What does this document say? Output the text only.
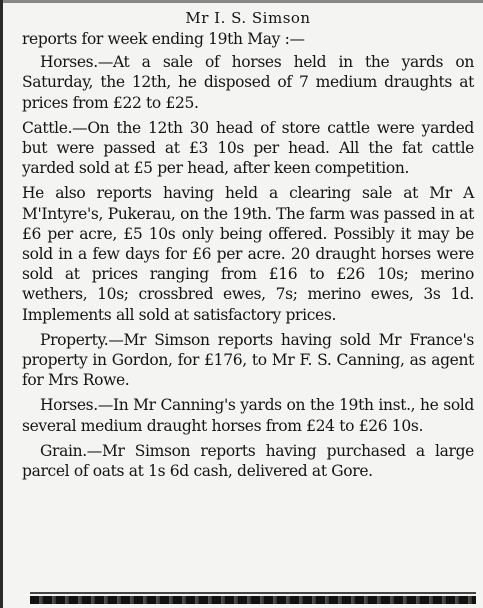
Mr I. S. Simson
reports for week ending 19th May :—
Horses.—At a sale of horses held in the yards on Saturday, the 12th, he disposed of 7 medium draughts at prices from £22 to £25.
Cattle.—On the 12th 30 head of store cattle were yarded but were passed at £3 10s per head. All the fat cattle yarded sold at £5 per head, after keen competition.
He also reports having held a clearing sale at Mr A M'Intyre's, Pukerau, on the 19th. The farm was passed in at £6 per acre, £5 10s only being offered. Possibly it may be sold in a few days for £6 per acre. 20 draught horses were sold at prices ranging from £16 to £26 10s; merino wethers, 10s; crossbred ewes, 7s; merino ewes, 3s 1d. Implements all sold at satisfactory prices.
Property.—Mr Simson reports having sold Mr France's property in Gordon, for £176, to Mr F. S. Canning, as agent for Mrs Rowe.
Horses.—In Mr Canning's yards on the 19th inst., he sold several medium draught horses from £24 to £26 10s.
Grain.—Mr Simson reports having purchased a large parcel of oats at 1s 6d cash, delivered at Gore.
